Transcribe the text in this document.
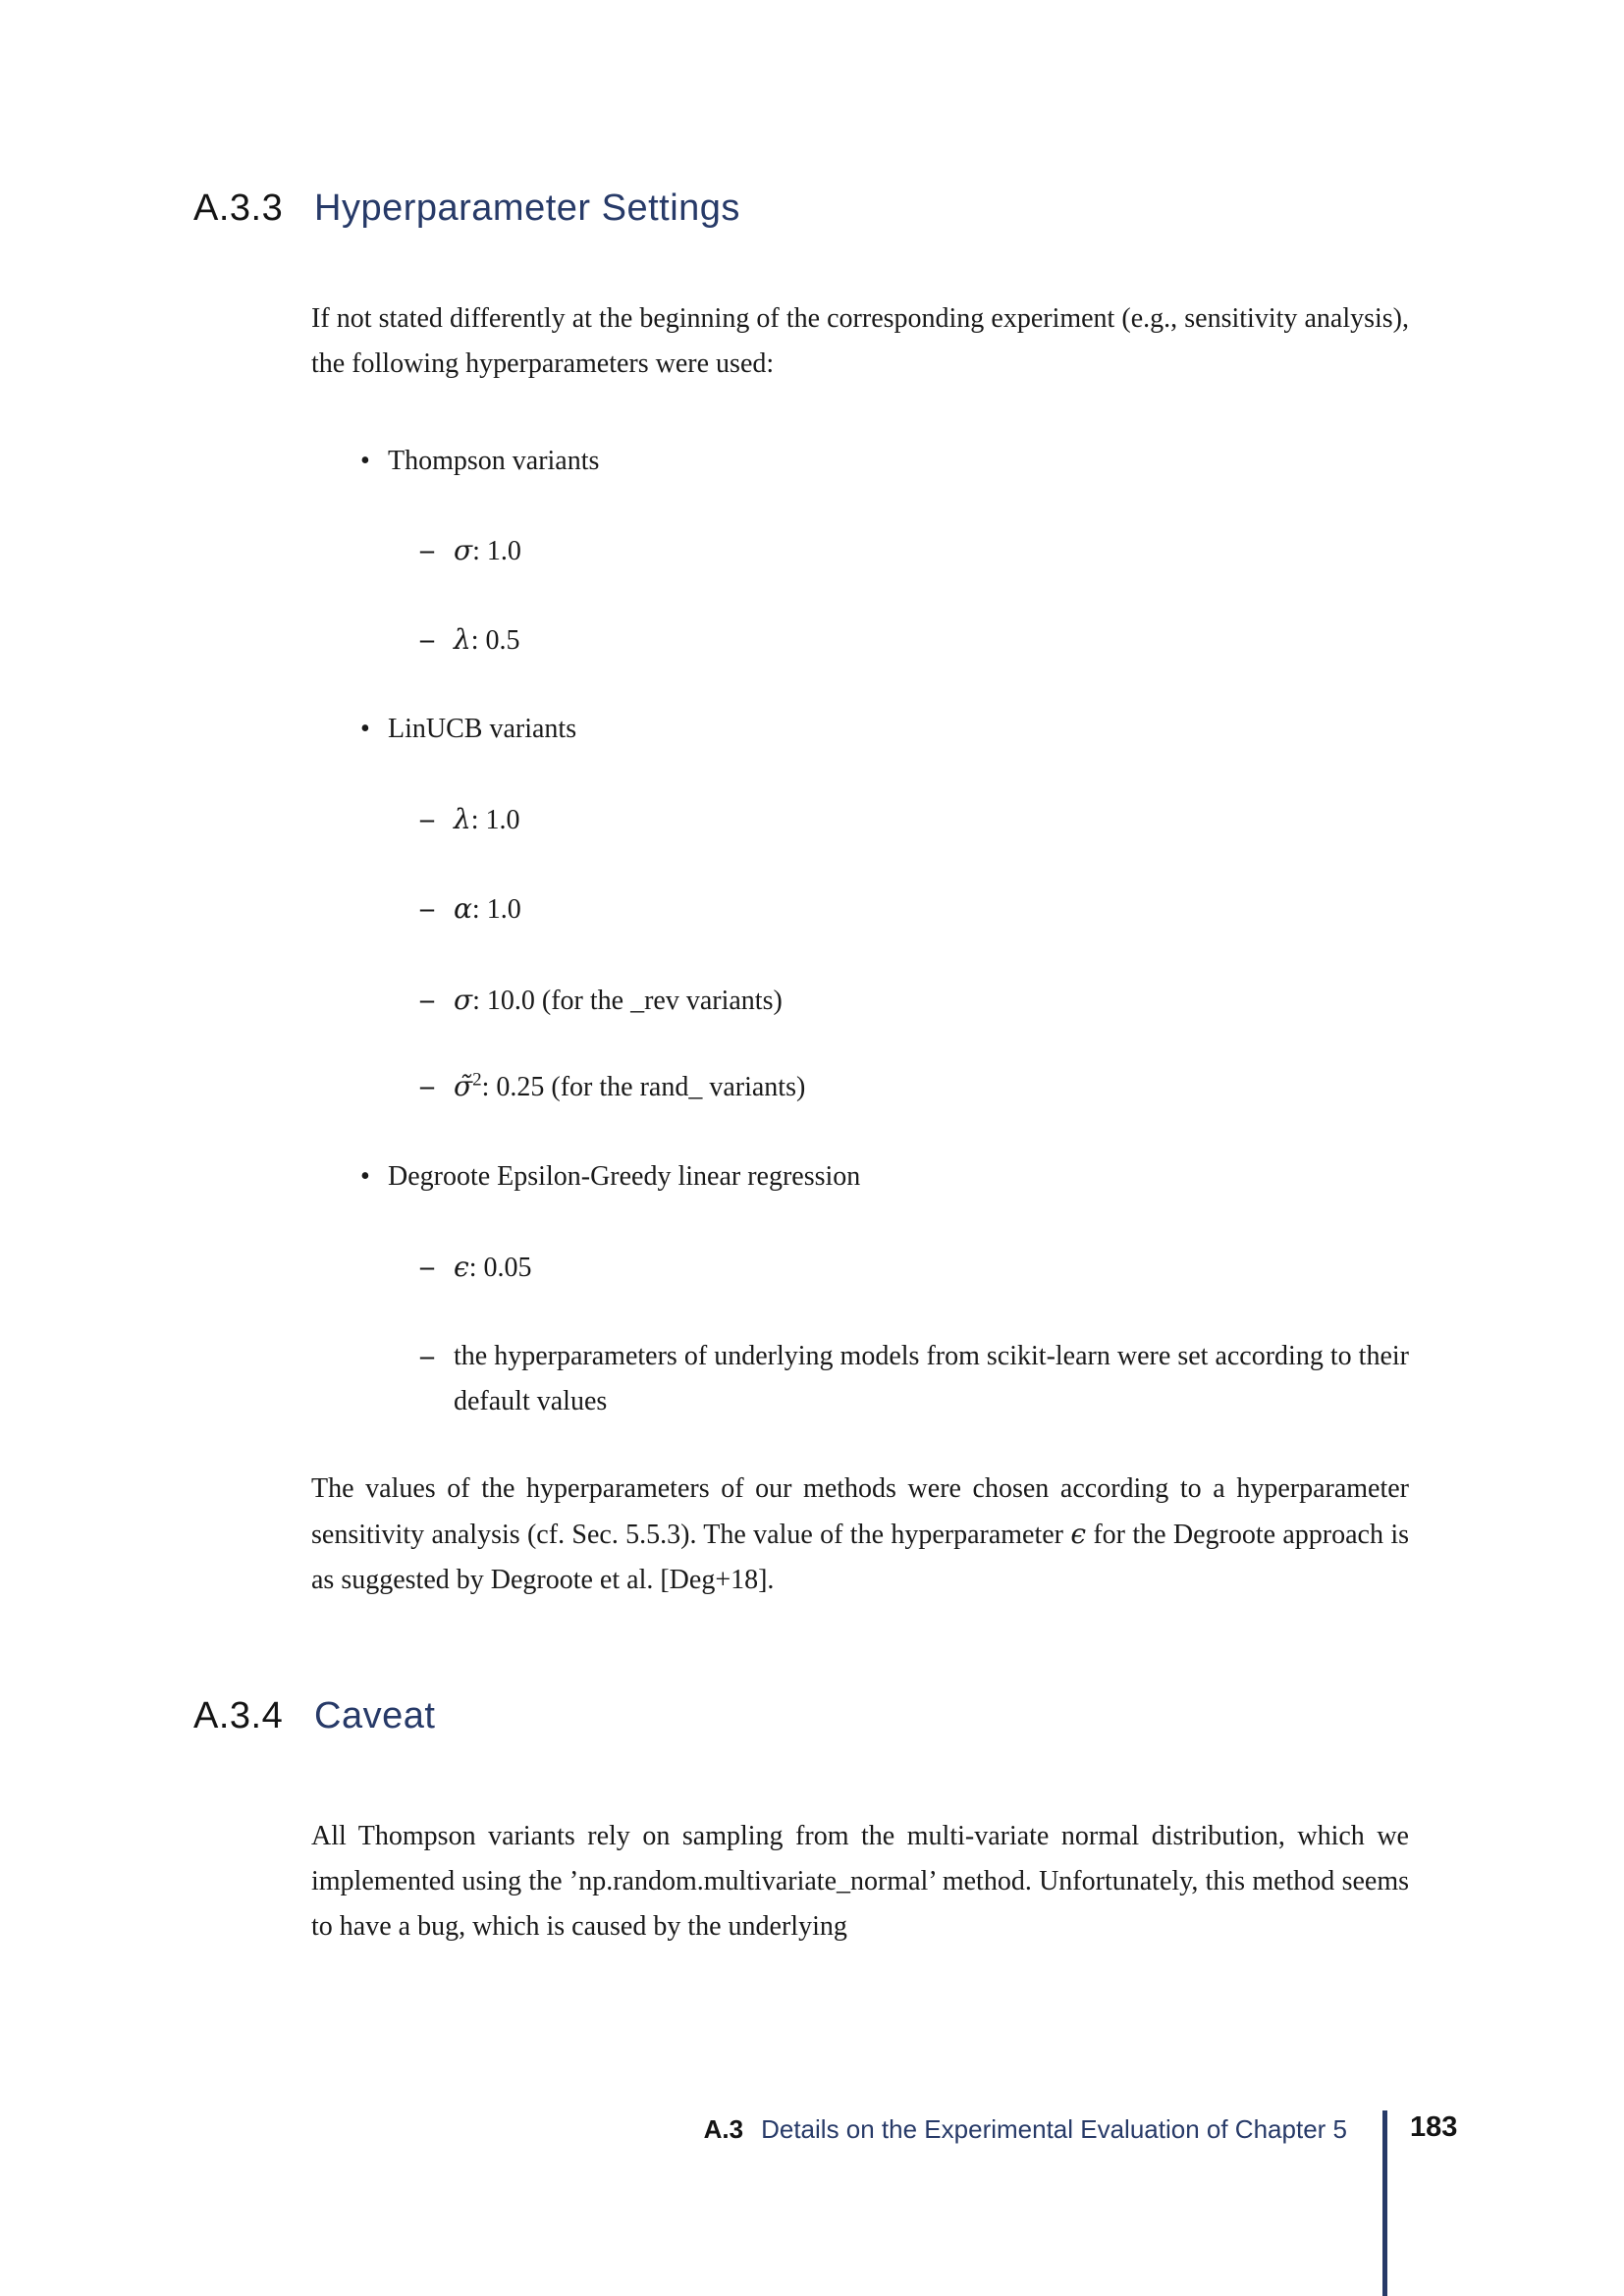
A.3.3 Hyperparameter Settings

If not stated differently at the beginning of the corresponding experiment (e.g., sensitivity analysis), the following hyperparameters were used:

• Thompson variants
– σ: 1.0
– λ: 0.5
• LinUCB variants
– λ: 1.0
– α: 1.0
– σ: 10.0 (for the _rev variants)
– σ̃$^2$: 0.25 (for the rand_ variants)
• Degroote Epsilon-Greedy linear regression
– ϵ: 0.05
– the hyperparameters of underlying models from scikit-learn were set according to their default values

The values of the hyperparameters of our methods were chosen according to a hyperparameter sensitivity analysis (cf. Sec. 5.5.3). The value of the hyperparameter ϵ for the Degroote approach is as suggested by Degroote et al. [Deg+18].

A.3.4 Caveat

All Thompson variants rely on sampling from the multi-variate normal distribution, which we implemented using the ’np.random.multivariate_normal’ method. Unfortunately, this method seems to have a bug, which is caused by the underlying

A.3 Details on the Experimental Evaluation of Chapter 5 183
